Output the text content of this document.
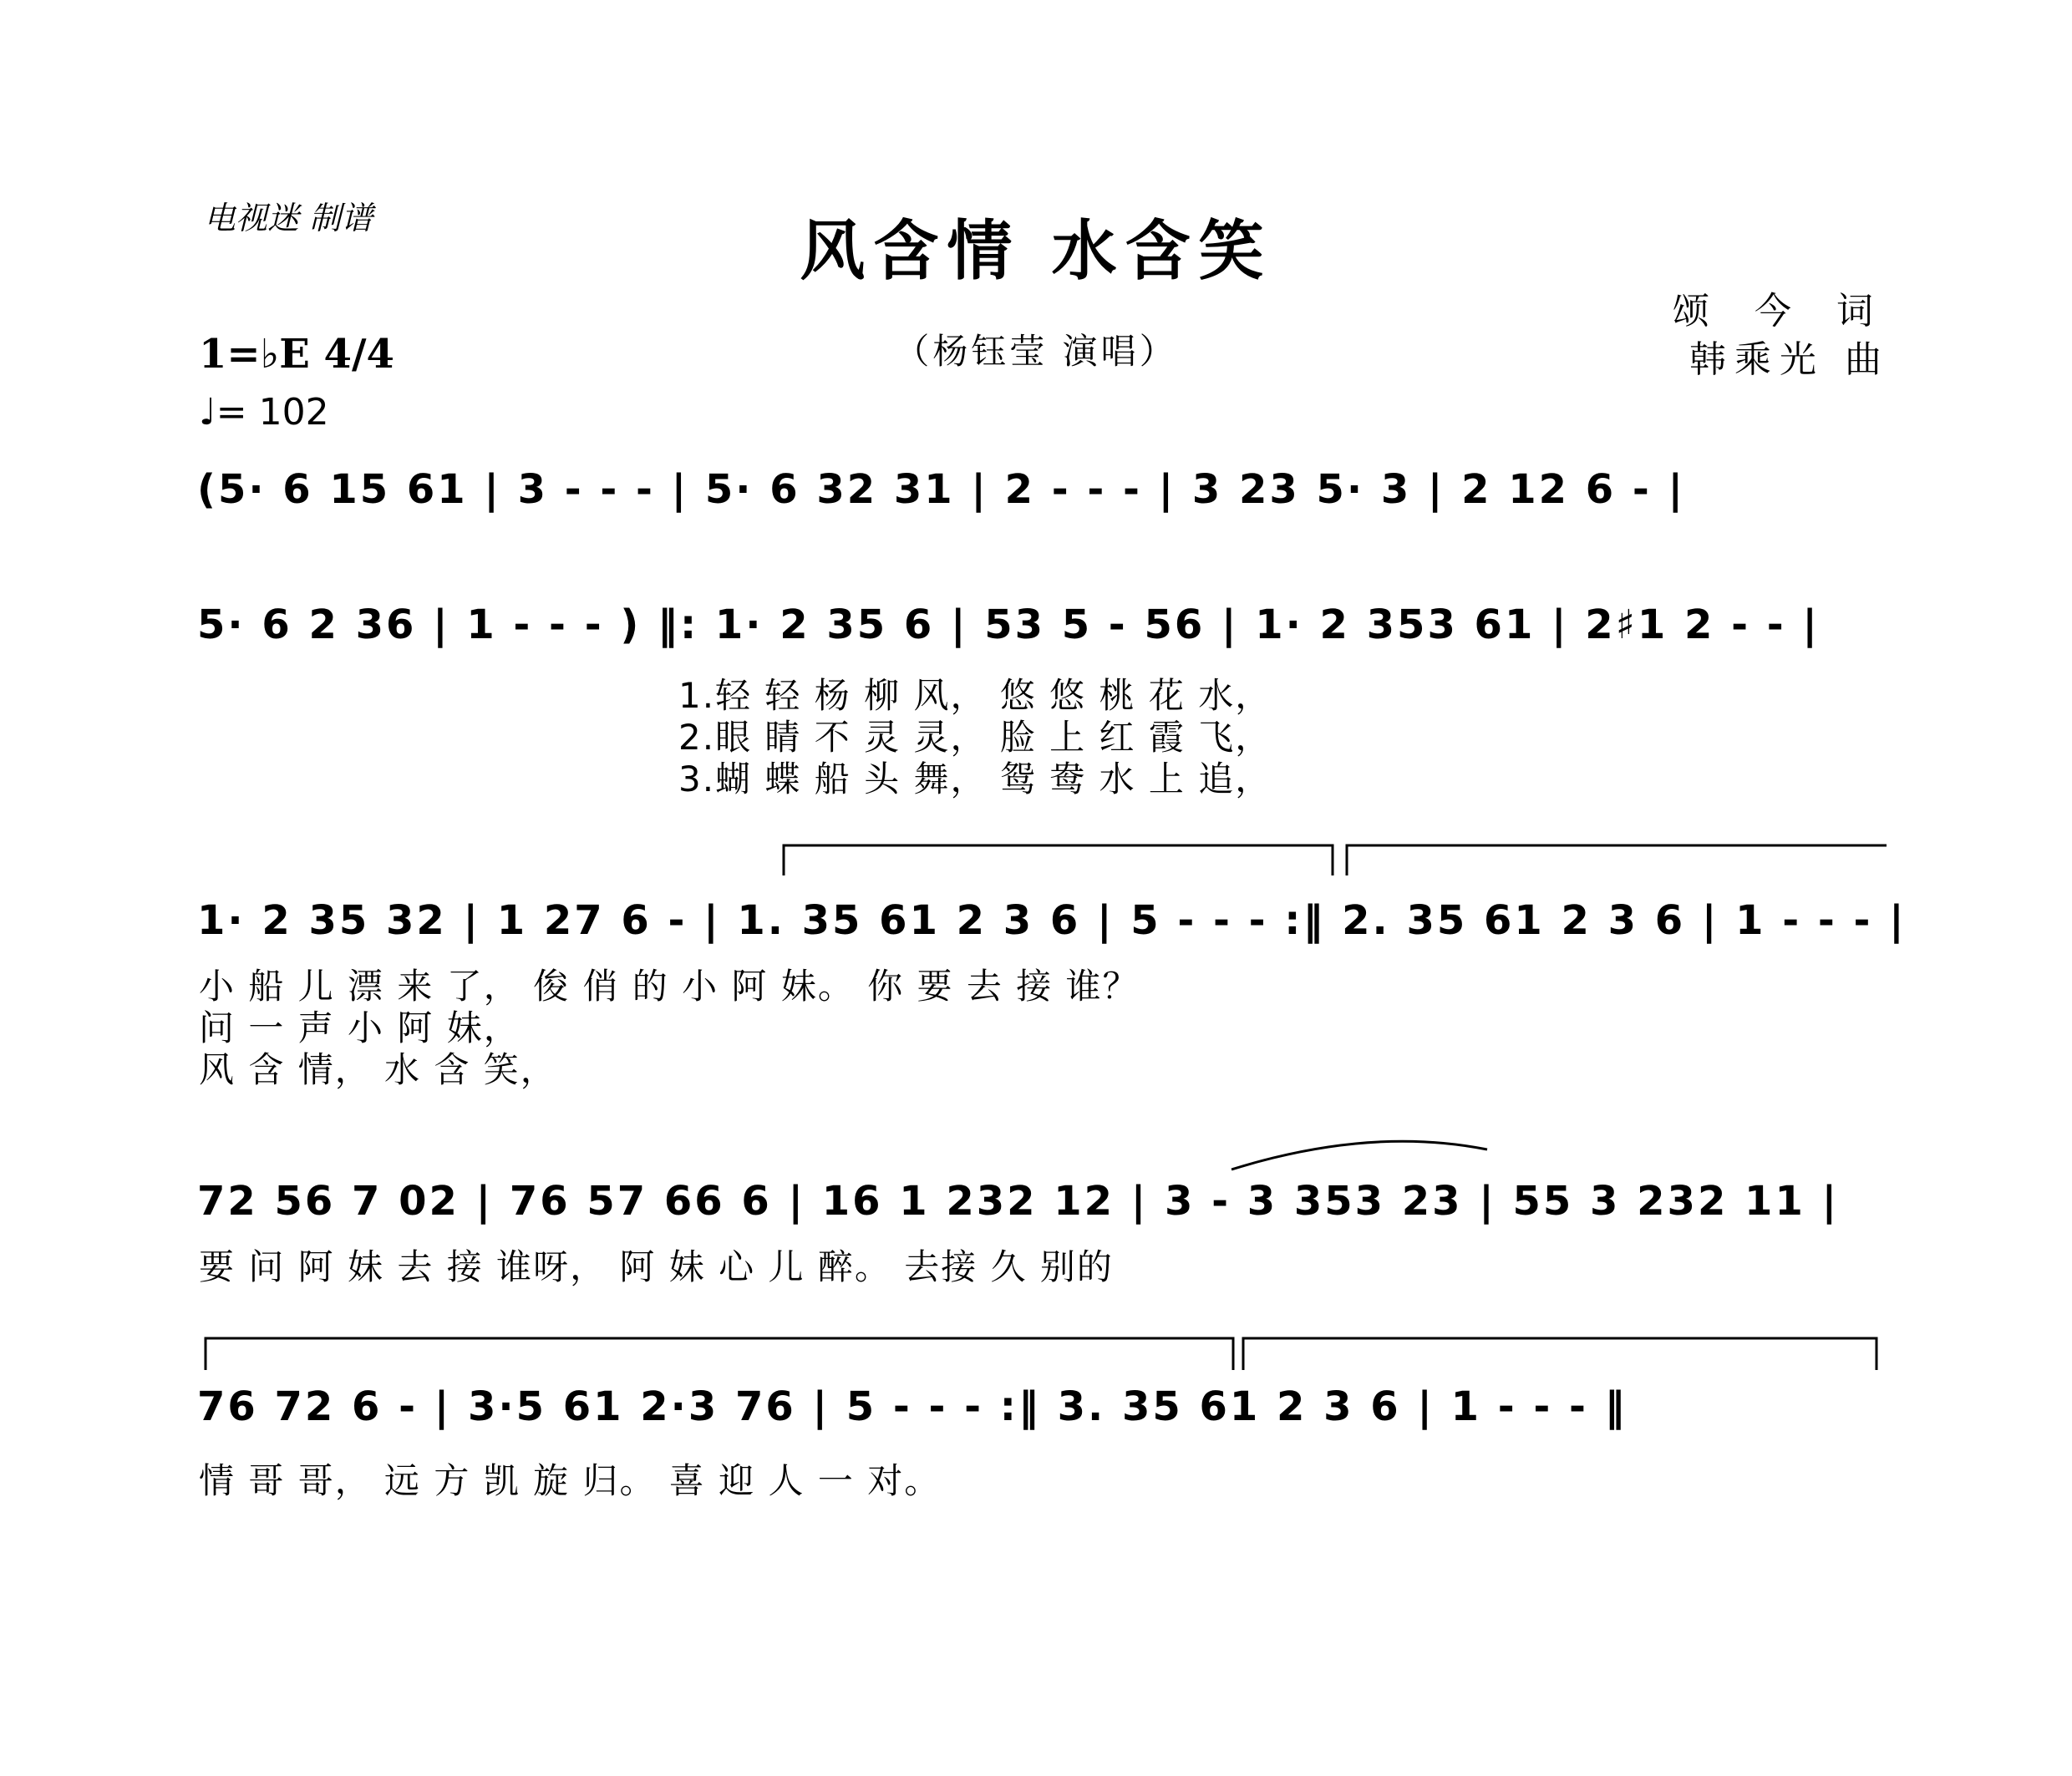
电视迷 制谱	风含情 水含笑
（杨钰莹 演唱）
颂 今 词
韩乘光 曲
1=♭E 4/4
♩= 102
(5· 6 15 61 | 3 - - - | 5· 6 32 31 | 2 - - - | 3 23 5· 3 | 2 12 6 - |
5· 6 2 36 | 1 - - - ) ‖: 1· 2 35 6 | 53 5 - 56 | 1· 2 353 61 | 2♯1 2 - - |
1.轻 轻 杨 柳 风， 悠 悠 桃 花 水，
2.眼 睛 不 灵 灵， 脸 上 红 霞 飞，
3.蝴 蝶 船 头 舞， 鸳 鸯 水 上 追，
1· 2 35 32 | 1 27 6 - | 1. 35 61 2 3 6 | 5 - - - :‖ 2. 35 61 2 3 6 | 1 - - - |
小 船 儿 漂 来 了， 俊 俏 的 小 阿 妹。 你 要 去 接 谁？
问 一 声 小 阿 妹，
风 含 情， 水 含 笑，
72 56 7 02 | 76 57 66 6 | 16 1 232 12 | 3 - 3 353 23 | 55 3 232 11 |
要 问 阿 妹 去 接 谁呀， 阿 妹 心 儿 醉。 去接 久 别的
76 72 6 - | 3·5 61 2·3 76 | 5 - - - :‖ 3. 35 61 2 3 6 | 1 - - - ‖
情 哥 哥， 远 方 凯 旋 归。 喜 迎 人 一 对。
